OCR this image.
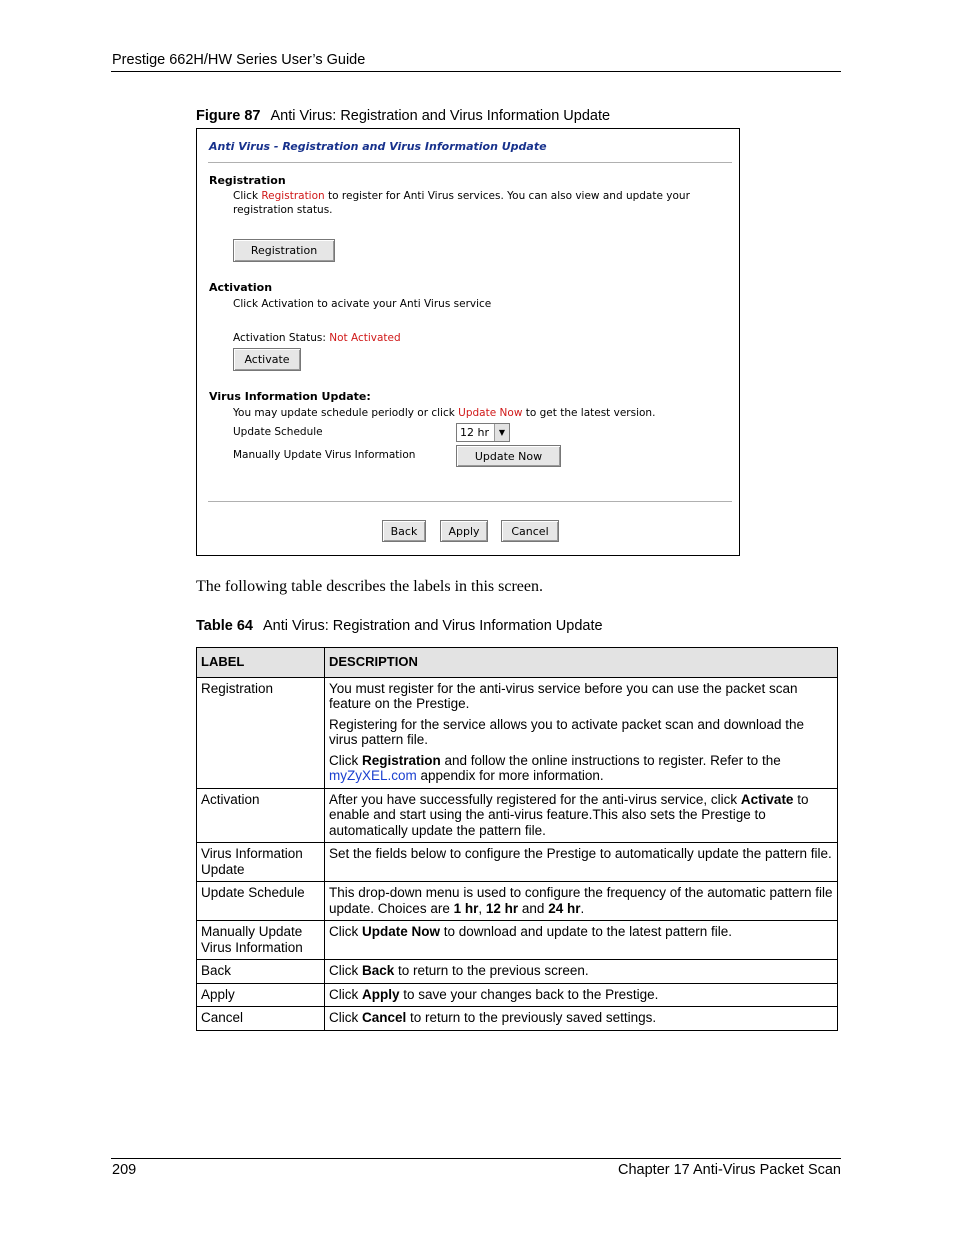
Prestige 662H/HW Series User’s Guide
Figure 87 Anti Virus: Registration and Virus Information Update
Anti Virus - Registration and Virus Information Update
Registration
Click Registration to register for Anti Virus services. You can also view and update your
registration status.
Registration
Activation
Click Activation to acivate your Anti Virus service
Activation Status: Not Activated
Activate
Virus Information Update:
You may update schedule periodly or click Update Now to get the latest version.
Update Schedule	12 hr	▼
Manually Update Virus Information	Update Now
Back	Apply	Cancel
The following table describes the labels in this screen.
Table 64 Anti Virus: Registration and Virus Information Update
LABEL	DESCRIPTION
Registration	You must register for the anti-virus service before you can use the packet scan feature on the Prestige.

Registering for the service allows you to activate packet scan and download the virus pattern file.

Click Registration and follow the online instructions to register. Refer to the myZyXEL.com appendix for more information.

Activation	After you have successfully registered for the anti-virus service, click Activate to enable and start using the anti-virus feature.This also sets the Prestige to automatically update the pattern file.
Virus Information Update	Set the fields below to configure the Prestige to automatically update the pattern file.
Update Schedule	This drop-down menu is used to configure the frequency of the automatic pattern file update. Choices are 1 hr, 12 hr and 24 hr.
Manually Update Virus Information	Click Update Now to download and update to the latest pattern file.
Back	Click Back to return to the previous screen.
Apply	Click Apply to save your changes back to the Prestige.
Cancel	Click Cancel to return to the previously saved settings.
209	Chapter 17 Anti-Virus Packet Scan
